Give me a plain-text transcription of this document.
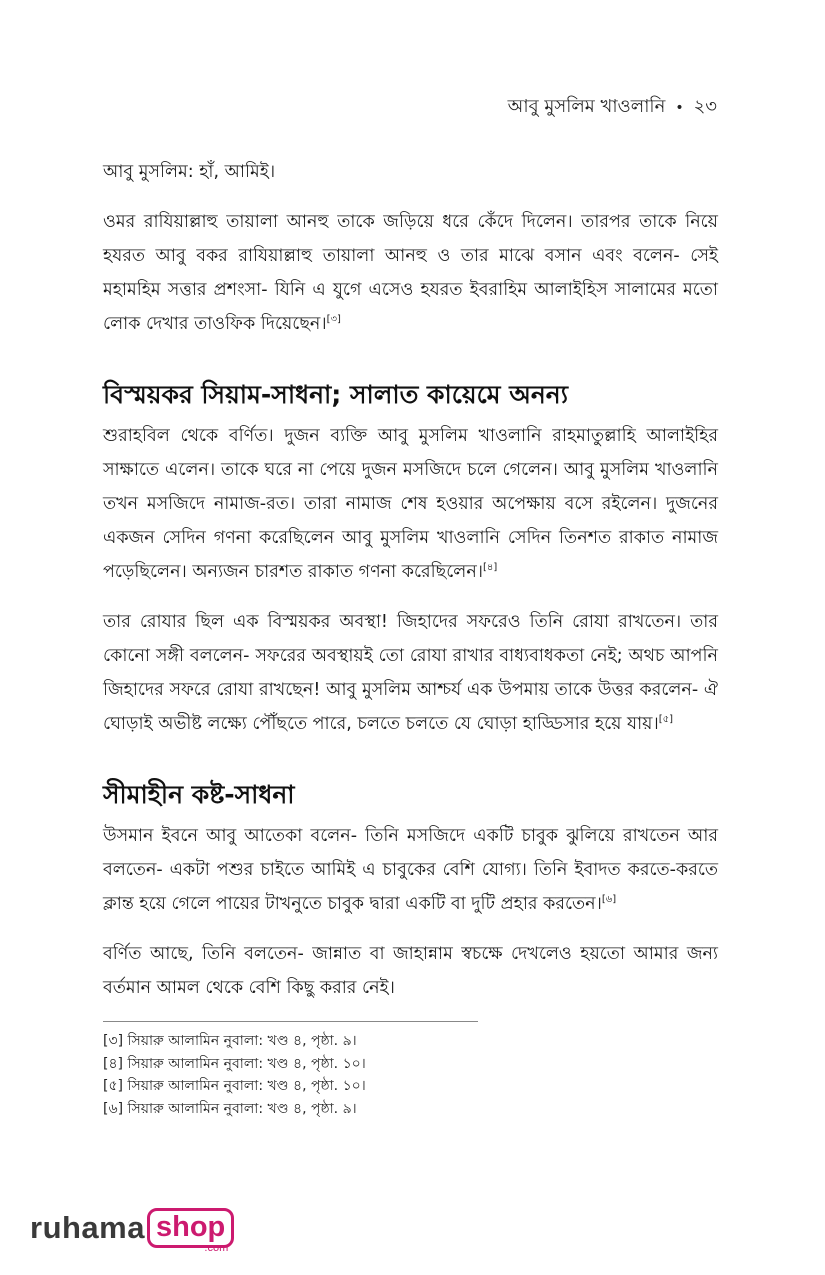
আবু মুসলিম খাওলানি • ২৩

আবু মুসলিম: হাঁ, আমিই।

ওমর রাযিয়াল্লাহু তায়ালা আনহু তাকে জড়িয়ে ধরে কেঁদে দিলেন। তারপর তাকে নিয়ে হযরত আবু বকর রাযিয়াল্লাহু তায়ালা আনহু ও তার মাঝে বসান এবং বলেন- সেই মহামহিম সত্তার প্রশংসা- যিনি এ যুগে এসেও হযরত ইবরাহিম আলাইহিস সালামের মতো লোক দেখার তাওফিক দিয়েছেন।[৩]

বিস্ময়কর সিয়াম-সাধনা; সালাত কায়েমে অনন্য

শুরাহবিল থেকে বর্ণিত। দুজন ব্যক্তি আবু মুসলিম খাওলানি রাহমাতুল্লাহি আলাইহির সাক্ষাতে এলেন। তাকে ঘরে না পেয়ে দুজন মসজিদে চলে গেলেন। আবু মুসলিম খাওলানি তখন মসজিদে নামাজ-রত। তারা নামাজ শেষ হওয়ার অপেক্ষায় বসে রইলেন। দুজনের একজন সেদিন গণনা করেছিলেন আবু মুসলিম খাওলানি সেদিন তিনশত রাকাত নামাজ পড়েছিলেন। অন্যজন চারশত রাকাত গণনা করেছিলেন।[৪]

তার রোযার ছিল এক বিস্ময়কর অবস্থা! জিহাদের সফরেও তিনি রোযা রাখতেন। তার কোনো সঙ্গী বললেন- সফরের অবস্থায়ই তো রোযা রাখার বাধ্যবাধকতা নেই; অথচ আপনি জিহাদের সফরে রোযা রাখছেন! আবু মুসলিম আশ্চর্য এক উপমায় তাকে উত্তর করলেন- ঐ ঘোড়াই অভীষ্ট লক্ষ্যে পৌঁছতে পারে, চলতে চলতে যে ঘোড়া হাড্ডিসার হয়ে যায়।[৫]

সীমাহীন কষ্ট-সাধনা

উসমান ইবনে আবু আতেকা বলেন- তিনি মসজিদে একটি চাবুক ঝুলিয়ে রাখতেন আর বলতেন- একটা পশুর চাইতে আমিই এ চাবুকের বেশি যোগ্য। তিনি ইবাদত করতে-করতে ক্লান্ত হয়ে গেলে পায়ের টাখনুতে চাবুক দ্বারা একটি বা দুটি প্রহার করতেন।[৬]

বর্ণিত আছে, তিনি বলতেন- জান্নাত বা জাহান্নাম স্বচক্ষে দেখলেও হয়তো আমার জন্য বর্তমান আমল থেকে বেশি কিছু করার নেই।

[৩] সিয়ারু আলামিন নুবালা: খণ্ড ৪, পৃষ্ঠা. ৯।
[৪] সিয়ারু আলামিন নুবালা: খণ্ড ৪, পৃষ্ঠা. ১০।
[৫] সিয়ারু আলামিন নুবালা: খণ্ড ৪, পৃষ্ঠা. ১০।
[৬] সিয়ারু আলামিন নুবালা: খণ্ড ৪, পৃষ্ঠা. ৯।
ruhama shop
.com
